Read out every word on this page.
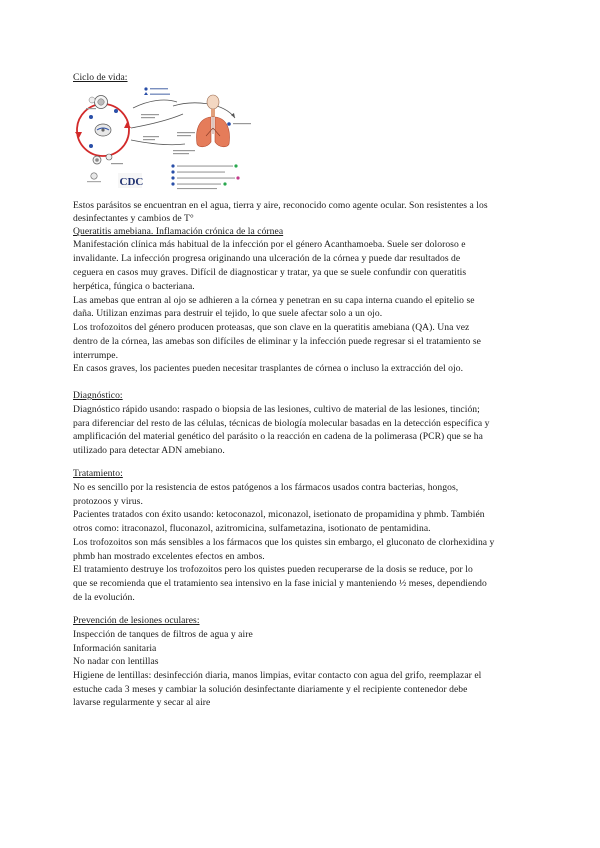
Ciclo de vida:
Estos parásitos se encuentran en el agua, tierra y aire, reconocido como agente ocular. Son resistentes a los
desinfectantes y cambios de T°
Queratitis amebiana. Inflamación crónica de la córnea
Manifestación clínica más habitual de la infección por el género Acanthamoeba. Suele ser doloroso e
invalidante. La infección progresa originando una ulceración de la córnea y puede dar resultados de
ceguera en casos muy graves. Difícil de diagnosticar y tratar, ya que se suele confundir con queratitis
herpética, fúngica o bacteriana.
Las amebas que entran al ojo se adhieren a la córnea y penetran en su capa interna cuando el epitelio se
daña. Utilizan enzimas para destruir el tejido, lo que suele afectar solo a un ojo.
Los trofozoitos del género producen proteasas, que son clave en la queratitis amebiana (QA). Una vez
dentro de la córnea, las amebas son difíciles de eliminar y la infección puede regresar si el tratamiento se
interrumpe.
En casos graves, los pacientes pueden necesitar trasplantes de córnea o incluso la extracción del ojo.
Diagnóstico:
Diagnóstico rápido usando: raspado o biopsia de las lesiones, cultivo de material de las lesiones, tinción;
para diferenciar del resto de las células, técnicas de biología molecular basadas en la detección específica y
amplificación del material genético del parásito o la reacción en cadena de la polimerasa (PCR) que se ha
utilizado para detectar ADN amebiano.
Tratamiento:
No es sencillo por la resistencia de estos patógenos a los fármacos usados contra bacterias, hongos,
protozoos y virus.
Pacientes tratados con éxito usando: ketoconazol, miconazol, isetionato de propamidina y phmb. También
otros como: itraconazol, fluconazol, azitromicina, sulfametazina, isotionato de pentamidina.
Los trofozoitos son más sensibles a los fármacos que los quistes sin embargo, el gluconato de clorhexidina y
phmb han mostrado excelentes efectos en ambos.
El tratamiento destruye los trofozoitos pero los quistes pueden recuperarse de la dosis se reduce, por lo
que se recomienda que el tratamiento sea intensivo en la fase inicial y manteniendo ½ meses, dependiendo
de la evolución.
Prevención de lesiones oculares:
Inspección de tanques de filtros de agua y aire
Información sanitaria
No nadar con lentillas
Higiene de lentillas: desinfección diaria, manos limpias, evitar contacto con agua del grifo, reemplazar el
estuche cada 3 meses y cambiar la solución desinfectante diariamente y el recipiente contenedor debe
lavarse regularmente y secar al aire
CDC
